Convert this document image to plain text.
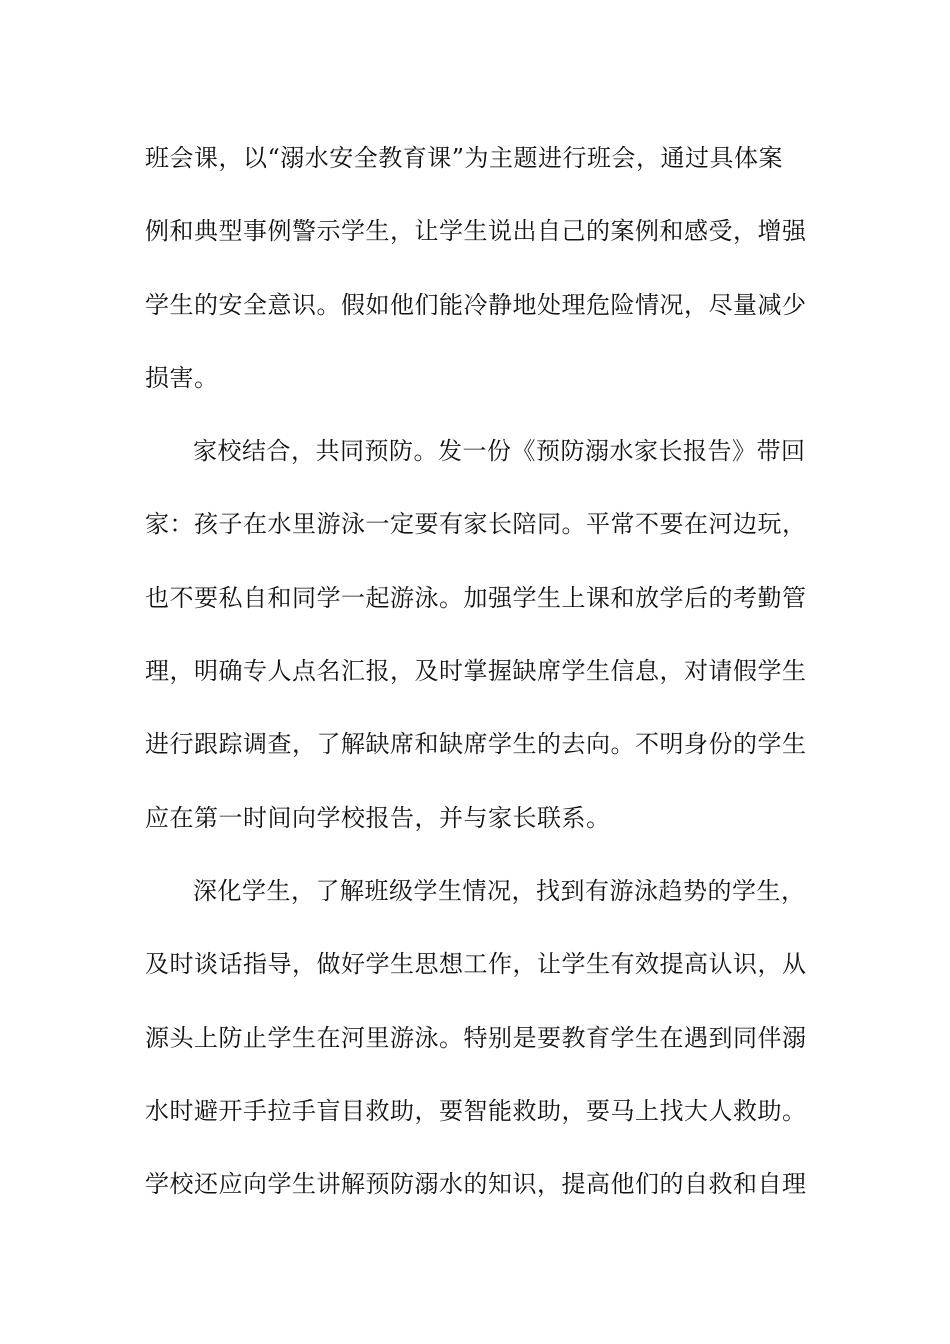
班会课，以“溺水安全教育课”为主题进行班会，通过具体案
例和典型事例警示学生，让学生说出自己的案例和感受，增强
学生的安全意识。假如他们能冷静地处理危险情况，尽量减少
损害。
家校结合，共同预防。发一份《预防溺水家长报告》带回
家：孩子在水里游泳一定要有家长陪同。平常不要在河边玩，
也不要私自和同学一起游泳。加强学生上课和放学后的考勤管
理，明确专人点名汇报，及时掌握缺席学生信息，对请假学生
进行跟踪调查，了解缺席和缺席学生的去向。不明身份的学生
应在第一时间向学校报告，并与家长联系。
深化学生，了解班级学生情况，找到有游泳趋势的学生，
及时谈话指导，做好学生思想工作，让学生有效提高认识，从
源头上防止学生在河里游泳。特别是要教育学生在遇到同伴溺
水时避开手拉手盲目救助，要智能救助，要马上找大人救助。
学校还应向学生讲解预防溺水的知识，提高他们的自救和自理
